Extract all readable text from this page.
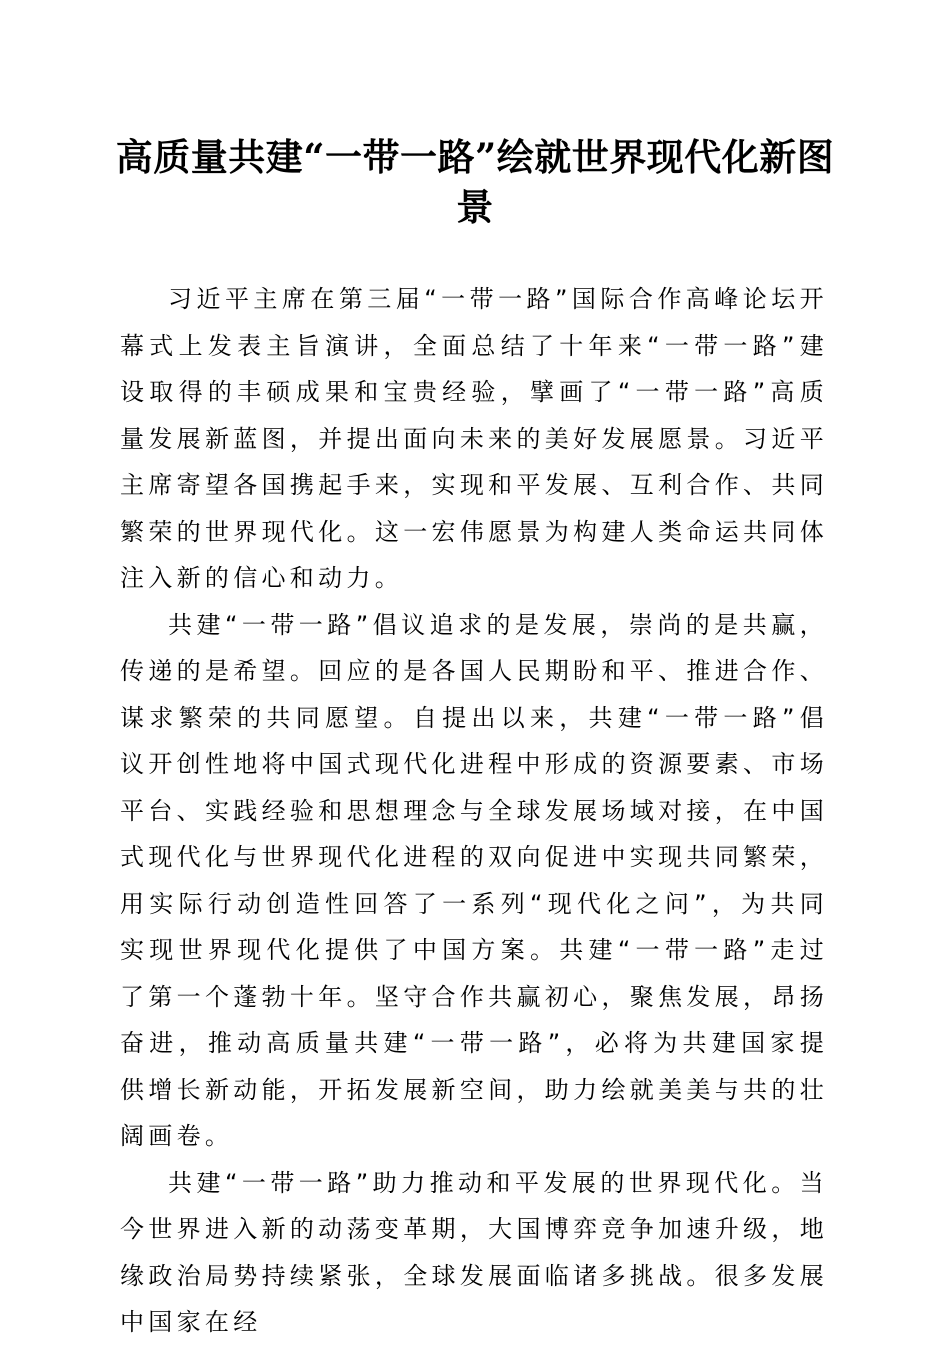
高质量共建“一带一路”绘就世界现代化新图景

习近平主席在第三届“一带一路”国际合作高峰论坛开幕式上发表主旨演讲，全面总结了十年来“一带一路”建设取得的丰硕成果和宝贵经验，擘画了“一带一路”高质量发展新蓝图，并提出面向未来的美好发展愿景。习近平主席寄望各国携起手来，实现和平发展、互利合作、共同繁荣的世界现代化。这一宏伟愿景为构建人类命运共同体注入新的信心和动力。

共建“一带一路”倡议追求的是发展，崇尚的是共赢，传递的是希望。回应的是各国人民期盼和平、推进合作、谋求繁荣的共同愿望。自提出以来，共建“一带一路”倡议开创性地将中国式现代化进程中形成的资源要素、市场平台、实践经验和思想理念与全球发展场域对接，在中国式现代化与世界现代化进程的双向促进中实现共同繁荣，用实际行动创造性回答了一系列“现代化之问”，为共同实现世界现代化提供了中国方案。共建“一带一路”走过了第一个蓬勃十年。坚守合作共赢初心，聚焦发展，昂扬奋进，推动高质量共建“一带一路”，必将为共建国家提供增长新动能，开拓发展新空间，助力绘就美美与共的壮阔画卷。

共建“一带一路”助力推动和平发展的世界现代化。当今世界进入新的动荡变革期，大国博弈竞争加速升级，地缘政治局势持续紧张，全球发展面临诸多挑战。很多发展中国家在经
